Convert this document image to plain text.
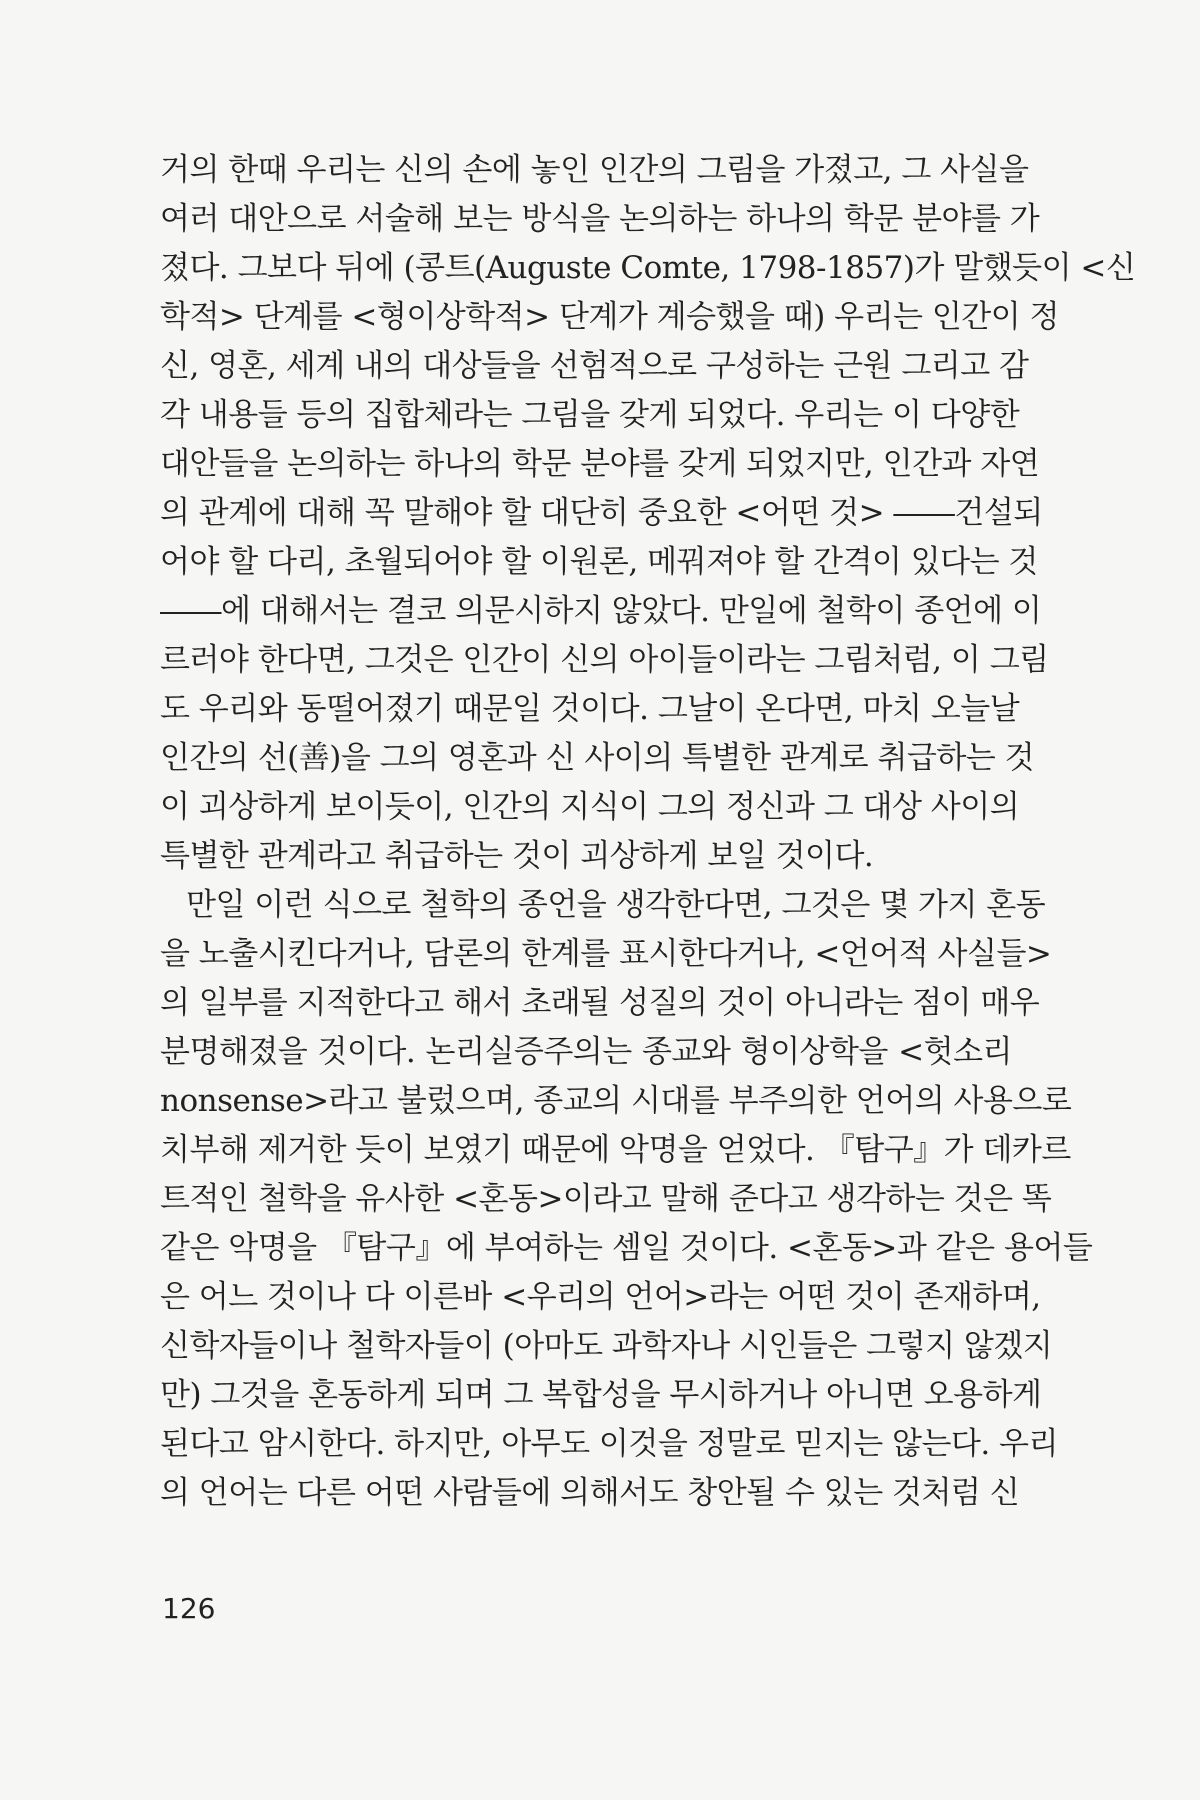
거의 한때 우리는 신의 손에 놓인 인간의 그림을 가졌고, 그 사실을
여러 대안으로 서술해 보는 방식을 논의하는 하나의 학문 분야를 가
졌다. 그보다 뒤에 (콩트(Auguste Comte, 1798-1857)가 말했듯이 <신
학적> 단계를 <형이상학적> 단계가 계승했을 때) 우리는 인간이 정
신, 영혼, 세계 내의 대상들을 선험적으로 구성하는 근원 그리고 감
각 내용들 등의 집합체라는 그림을 갖게 되었다. 우리는 이 다양한
대안들을 논의하는 하나의 학문 분야를 갖게 되었지만, 인간과 자연
의 관계에 대해 꼭 말해야 할 대단히 중요한 <어떤 것> ――건설되
어야 할 다리, 초월되어야 할 이원론, 메꿔져야 할 간격이 있다는 것
――에 대해서는 결코 의문시하지 않았다. 만일에 철학이 종언에 이
르러야 한다면, 그것은 인간이 신의 아이들이라는 그림처럼, 이 그림
도 우리와 동떨어졌기 때문일 것이다. 그날이 온다면, 마치 오늘날
인간의 선(善)을 그의 영혼과 신 사이의 특별한 관계로 취급하는 것
이 괴상하게 보이듯이, 인간의 지식이 그의 정신과 그 대상 사이의
특별한 관계라고 취급하는 것이 괴상하게 보일 것이다.
만일 이런 식으로 철학의 종언을 생각한다면, 그것은 몇 가지 혼동
을 노출시킨다거나, 담론의 한계를 표시한다거나, <언어적 사실들>
의 일부를 지적한다고 해서 초래될 성질의 것이 아니라는 점이 매우
분명해졌을 것이다. 논리실증주의는 종교와 형이상학을 <헛소리
nonsense>라고 불렀으며, 종교의 시대를 부주의한 언어의 사용으로
치부해 제거한 듯이 보였기 때문에 악명을 얻었다. 『탐구』가 데카르
트적인 철학을 유사한 <혼동>이라고 말해 준다고 생각하는 것은 똑
같은 악명을 『탐구』에 부여하는 셈일 것이다. <혼동>과 같은 용어들
은 어느 것이나 다 이른바 <우리의 언어>라는 어떤 것이 존재하며,
신학자들이나 철학자들이 (아마도 과학자나 시인들은 그렇지 않겠지
만) 그것을 혼동하게 되며 그 복합성을 무시하거나 아니면 오용하게
된다고 암시한다. 하지만, 아무도 이것을 정말로 믿지는 않는다. 우리
의 언어는 다른 어떤 사람들에 의해서도 창안될 수 있는 것처럼 신
126
